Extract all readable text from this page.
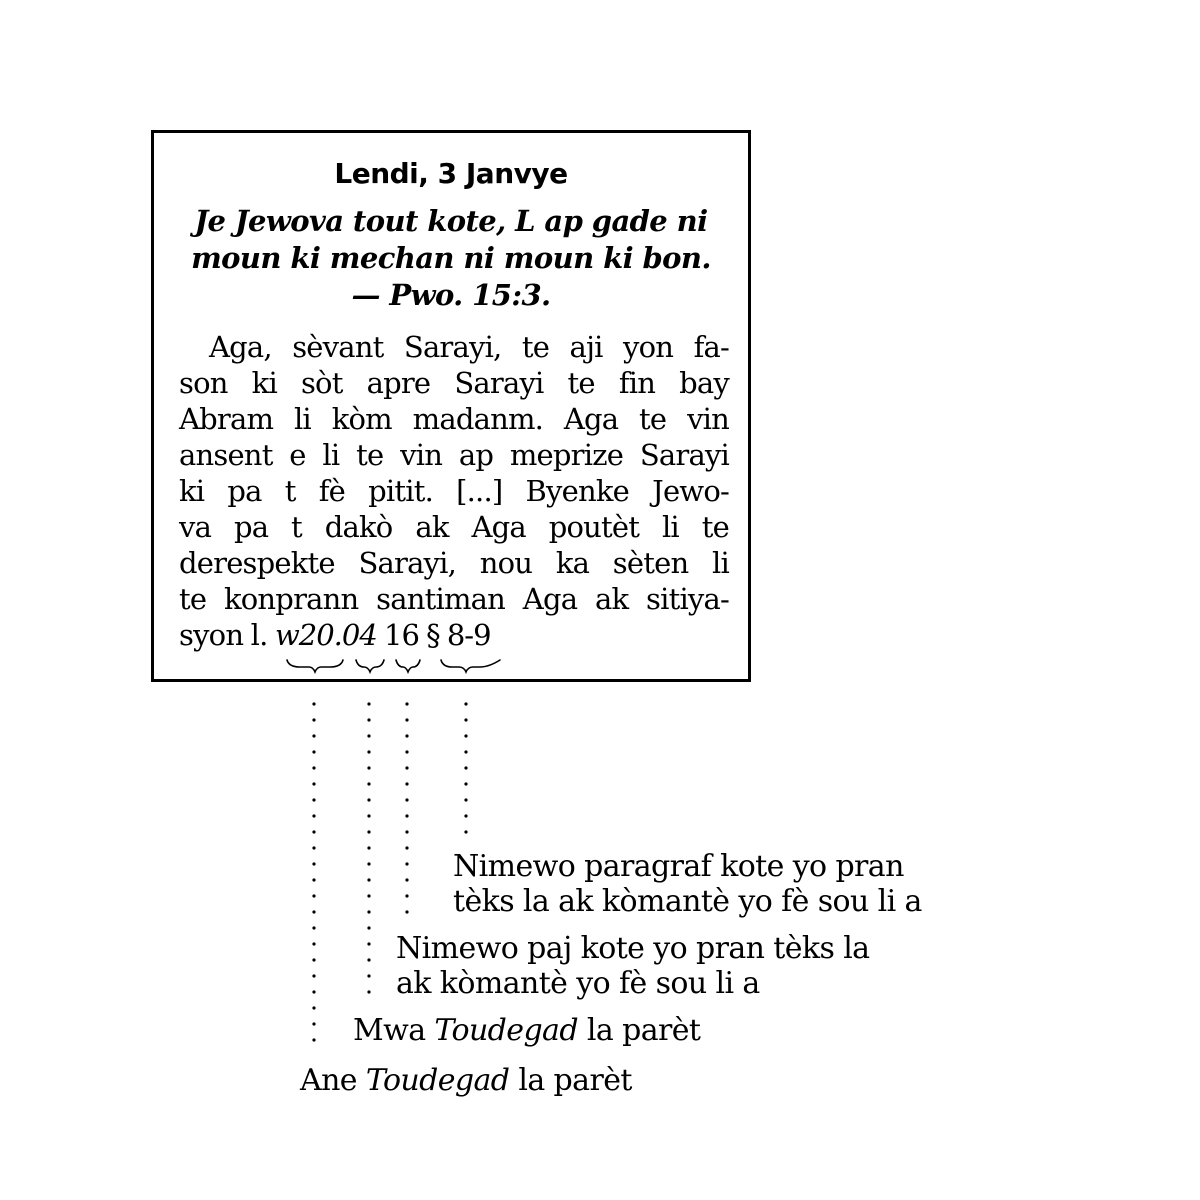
Lendi, 3 Janvye
Je Jewova tout kote, L ap gade ni
moun ki mechan ni moun ki bon.
— Pwo. 15:3.
Aga, sèvant Sarayi, te aji yon fa-
son ki sòt apre Sarayi te fin bay
Abram li kòm madanm. Aga te vin
ansent e li te vin ap meprize Sarayi
ki pa t fè pitit. [...] Byenke Jewo-
va pa t dakò ak Aga poutèt li te
derespekte Sarayi, nou ka sèten li
te konprann santiman Aga ak sitiya-
syon l. w20.04 16 § 8-9
Nimewo paragraf kote yo pran
tèks la ak kòmantè yo fè sou li a
Nimewo paj kote yo pran tèks la
ak kòmantè yo fè sou li a
Mwa Toudegad la parèt
Ane Toudegad la parèt
